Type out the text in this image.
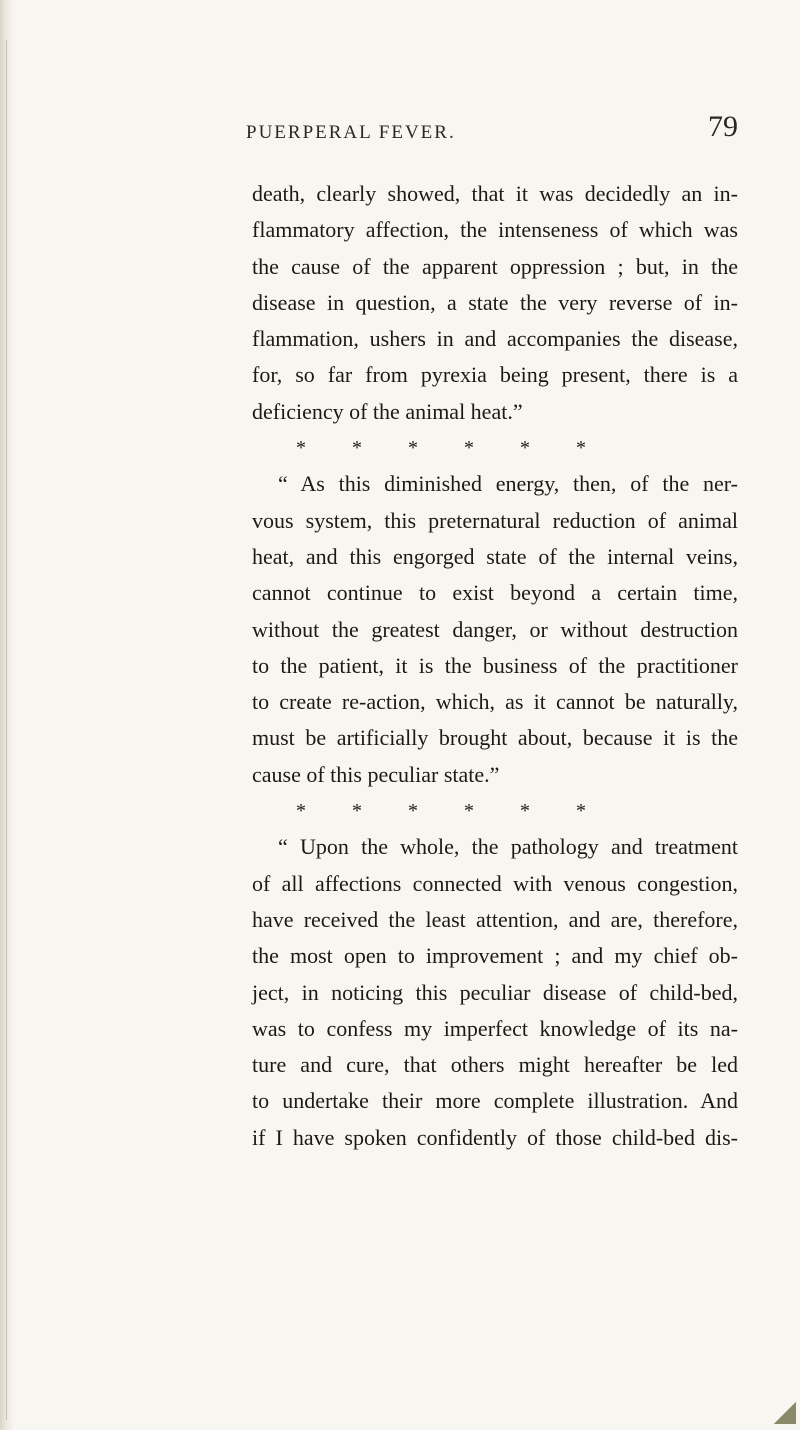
PUERPERAL FEVER.	79
death, clearly showed, that it was decidedly an in-
flammatory affection, the intenseness of which was
the cause of the apparent oppression ; but, in the
disease in question, a state the very reverse of in-
flammation, ushers in and accompanies the disease,
for, so far from pyrexia being present, there is a
deficiency of the animal heat.”
* * * * * *
“ As this diminished energy, then, of the ner-
vous system, this preternatural reduction of animal
heat, and this engorged state of the internal veins,
cannot continue to exist beyond a certain time,
without the greatest danger, or without destruction
to the patient, it is the business of the practitioner
to create re-action, which, as it cannot be naturally,
must be artificially brought about, because it is the
cause of this peculiar state.”
* * * * * *
“ Upon the whole, the pathology and treatment
of all affections connected with venous congestion,
have received the least attention, and are, therefore,
the most open to improvement ; and my chief ob-
ject, in noticing this peculiar disease of child-bed,
was to confess my imperfect knowledge of its na-
ture and cure, that others might hereafter be led
to undertake their more complete illustration. And
if I have spoken confidently of those child-bed dis-
